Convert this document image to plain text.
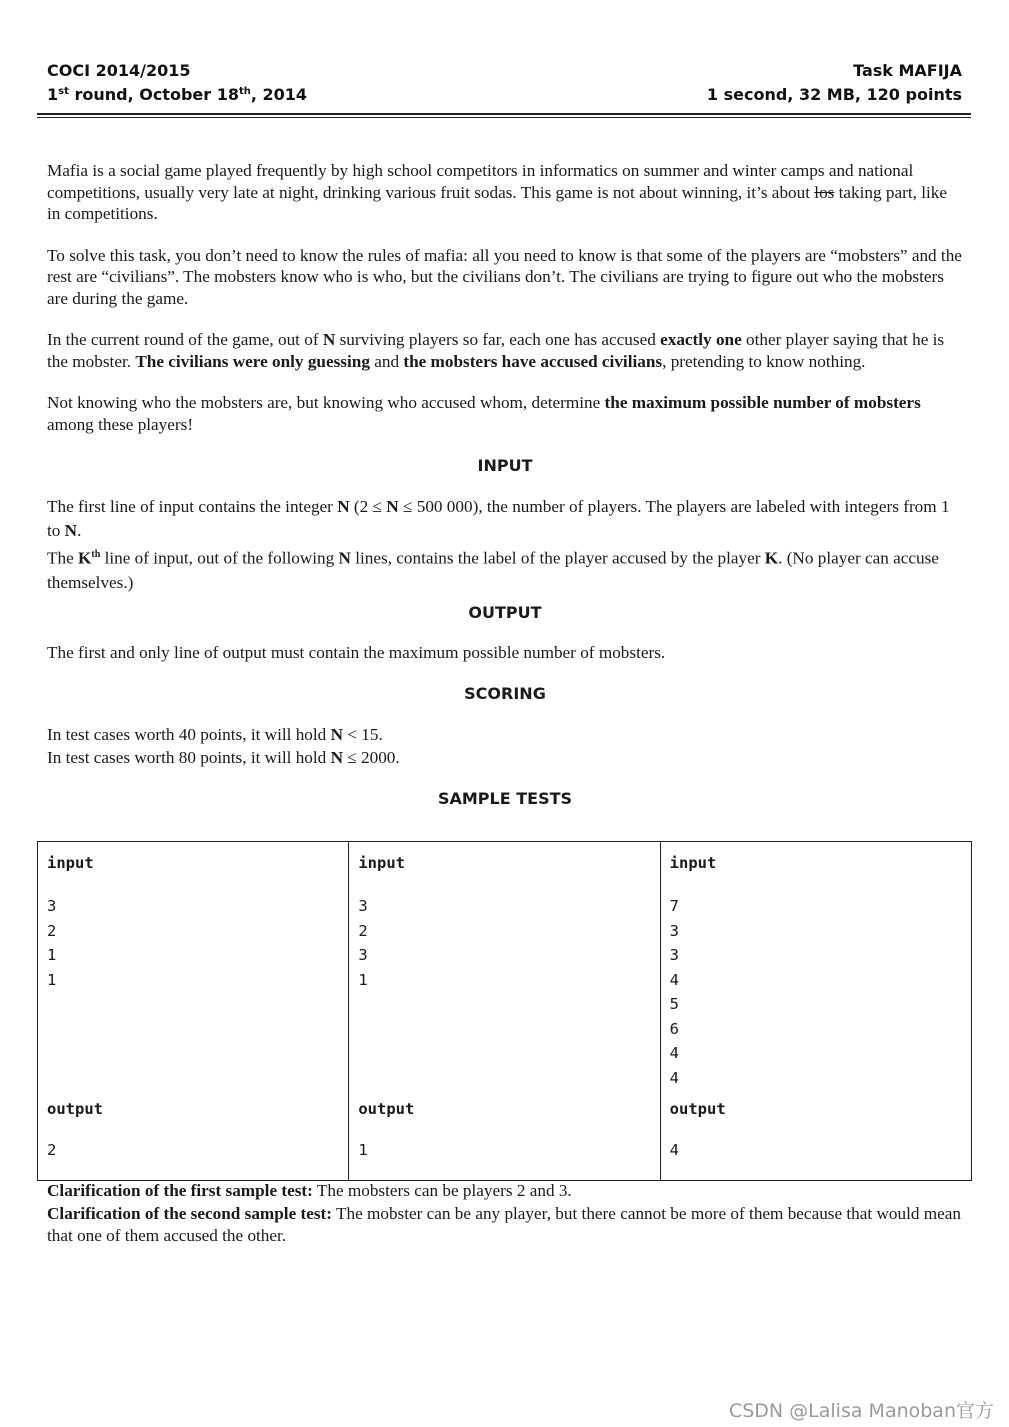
COCI 2014/2015
1st round, October 18th, 2014
Task MAFIJA
1 second, 32 MB, 120 points

Mafia is a social game played frequently by high school competitors in informatics on summer and winter camps and national competitions, usually very late at night, drinking various fruit sodas. This game is not about winning, it’s about los taking part, like in competitions.

To solve this task, you don’t need to know the rules of mafia: all you need to know is that some of the players are “mobsters” and the rest are “civilians”. The mobsters know who is who, but the civilians don’t. The civilians are trying to figure out who the mobsters are during the game.

In the current round of the game, out of N surviving players so far, each one has accused exactly one other player saying that he is the mobster. The civilians were only guessing and the mobsters have accused civilians, pretending to know nothing.

Not knowing who the mobsters are, but knowing who accused whom, determine the maximum possible number of mobsters among these players!

INPUT

The first line of input contains the integer N (2 ≤ N ≤ 500 000), the number of players. The players are labeled with integers from 1 to N.

The $K^{th}$ line of input, out of the following N lines, contains the label of the player accused by the player K. (No player can accuse themselves.)

OUTPUT

The first and only line of output must contain the maximum possible number of mobsters.

SCORING

In test cases worth 40 points, it will hold N < 15.

In test cases worth 80 points, it will hold N ≤ 2000.

SAMPLE TESTS
input
3
2
1
1
output
2

input
3
2
3
1
output
1

input
7
3
3
4
5
6
4
4
output
4

Clarification of the first sample test: The mobsters can be players 2 and 3.

Clarification of the second sample test: The mobster can be any player, but there cannot be more of them because that would mean that one of them accused the other.

CSDN @Lalisa Manoban官方
